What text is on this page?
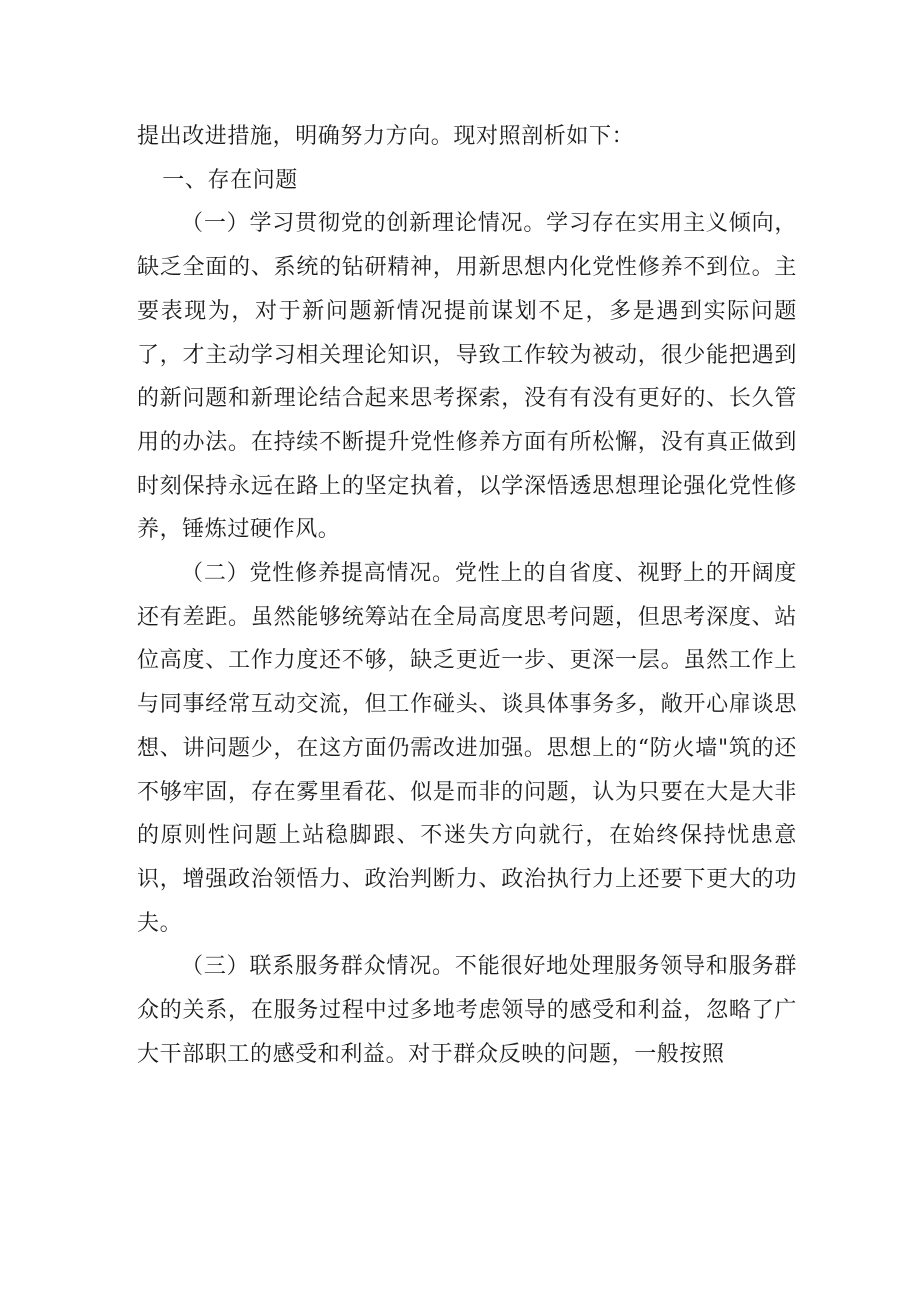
提出改进措施，明确努力方向。现对照剖析如下：

一、存在问题

（一）学习贯彻党的创新理论情况。学习存在实用主义倾向，缺乏全面的、系统的钻研精神，用新思想内化党性修养不到位。主要表现为，对于新问题新情况提前谋划不足，多是遇到实际问题了，才主动学习相关理论知识，导致工作较为被动，很少能把遇到的新问题和新理论结合起来思考探索，没有有没有更好的、长久管用的办法。在持续不断提升党性修养方面有所松懈，没有真正做到时刻保持永远在路上的坚定执着，以学深悟透思想理论强化党性修养，锤炼过硬作风。

（二）党性修养提高情况。党性上的自省度、视野上的开阔度还有差距。虽然能够统筹站在全局高度思考问题，但思考深度、站位高度、工作力度还不够，缺乏更近一步、更深一层。虽然工作上与同事经常互动交流，但工作碰头、谈具体事务多，敞开心扉谈思想、讲问题少，在这方面仍需改进加强。思想上的“防火墙"筑的还不够牢固，存在雾里看花、似是而非的问题，认为只要在大是大非的原则性问题上站稳脚跟、不迷失方向就行，在始终保持忧患意识，增强政治领悟力、政治判断力、政治执行力上还要下更大的功夫。

（三）联系服务群众情况。不能很好地处理服务领导和服务群众的关系，在服务过程中过多地考虑领导的感受和利益，忽略了广大干部职工的感受和利益。对于群众反映的问题，一般按照
